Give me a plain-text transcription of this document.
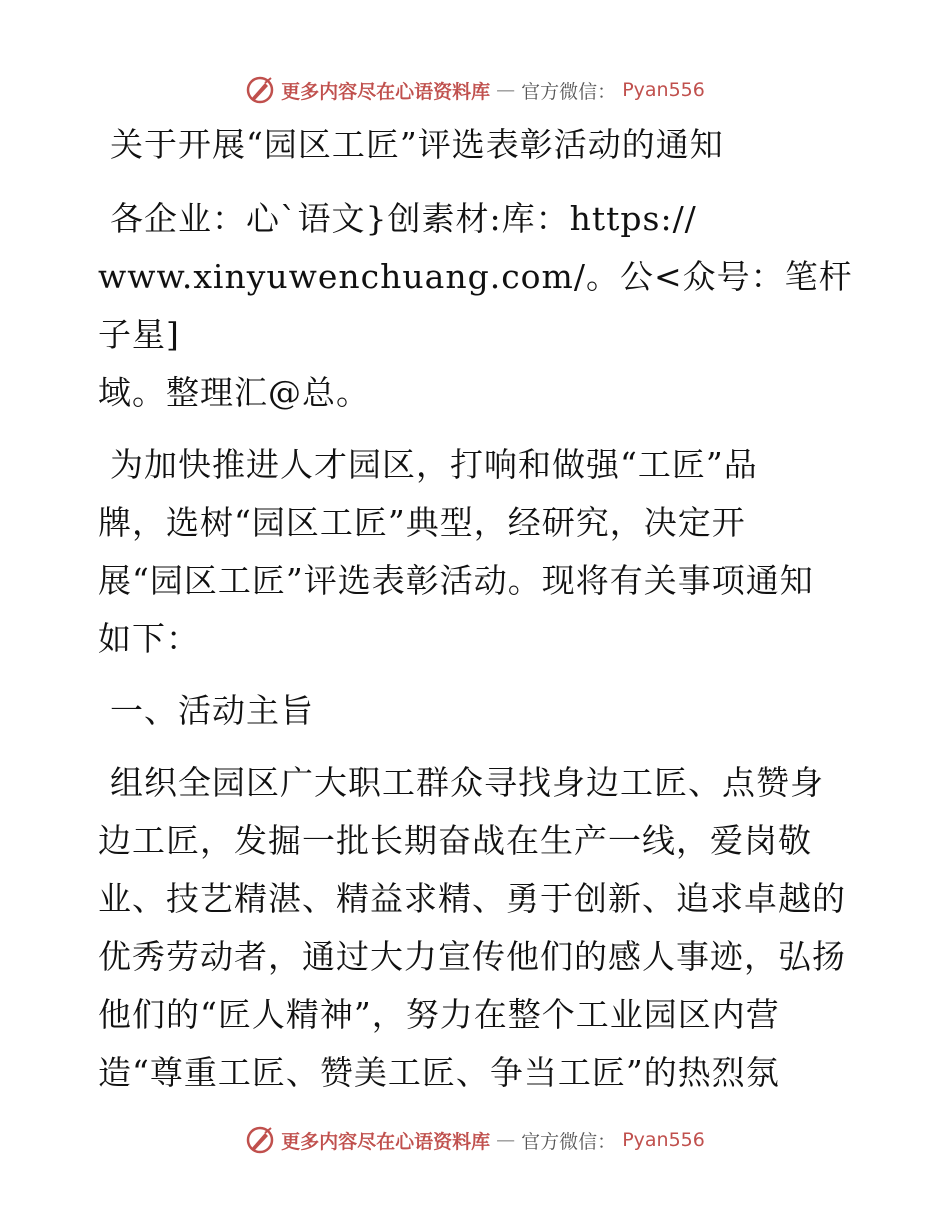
更多内容尽在心语资料库 — 官方微信： Pyan556

关于开展“园区工匠”评选表彰活动的通知

各企业：心`语文}创素材:库：https://

www.xinyuwenchuang.com/。公<众号：笔杆子星]

域。整理汇@总。

为加快推进人才园区，打响和做强“工匠”品

牌，选树“园区工匠”典型，经研究，决定开

展“园区工匠”评选表彰活动。现将有关事项通知

如下：

一、活动主旨

组织全园区广大职工群众寻找身边工匠、点赞身

边工匠，发掘一批长期奋战在生产一线，爱岗敬

业、技艺精湛、精益求精、勇于创新、追求卓越的

优秀劳动者，通过大力宣传他们的感人事迹，弘扬

他们的“匠人精神”，努力在整个工业园区内营

造“尊重工匠、赞美工匠、争当工匠”的热烈氛

更多内容尽在心语资料库 — 官方微信： Pyan556
